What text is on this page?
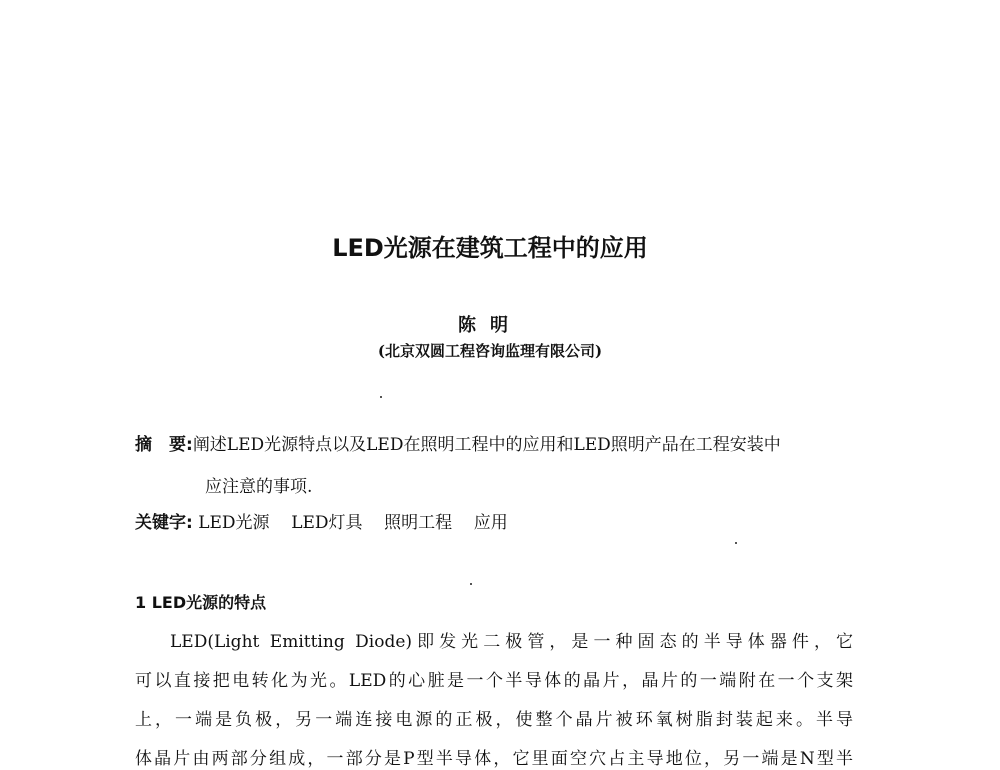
LED光源在建筑工程中的应用
陈明
(北京双圆工程咨询监理有限公司)
摘　要:阐述LED光源特点以及LED在照明工程中的应用和LED照明产品在工程安装中
应注意的事项.
关键字: LED光源 LED灯具 照明工程 应用
1 LED光源的特点
LED(Light Emitting Diode)即发光二极管，是一种固态的半导体器件，它
可以直接把电转化为光。LED的心脏是一个半导体的晶片，晶片的一端附在一个支架
上，一端是负极，另一端连接电源的正极，使整个晶片被环氧树脂封装起来。半导
体晶片由两部分组成，一部分是P型半导体，它里面空穴占主导地位，另一端是N型半
